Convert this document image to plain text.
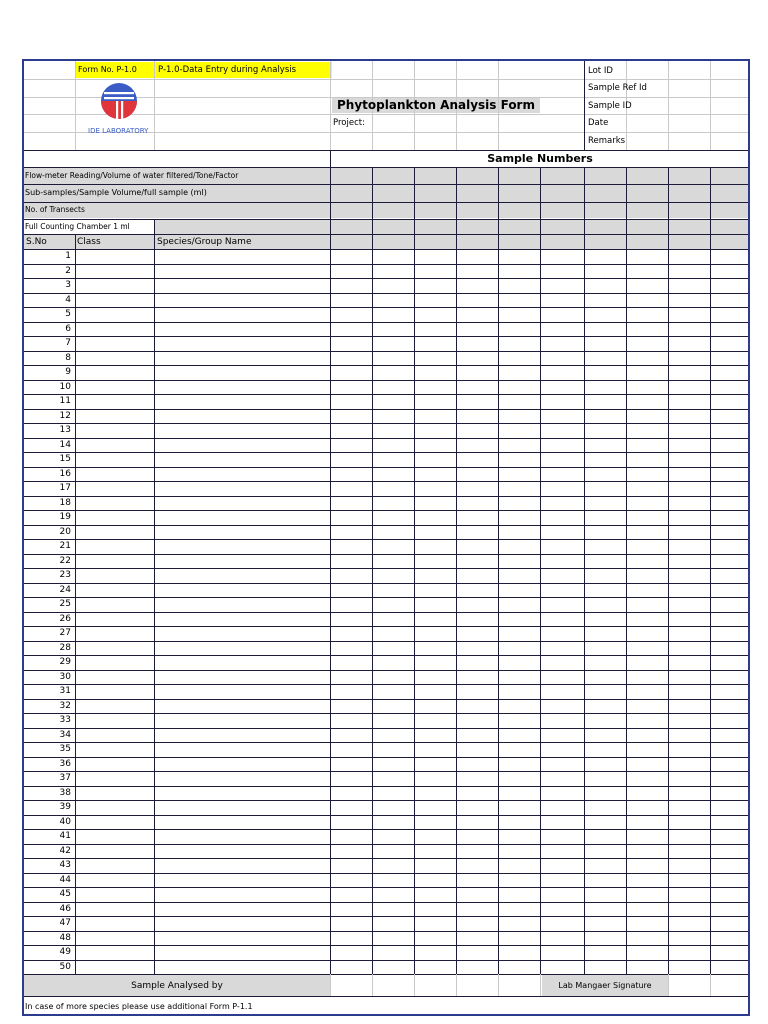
IDE LABORATORY
Form No. P-1.0	P-1.0-Data Entry during Analysis
Phytoplankton Analysis Form
Project:
Lot ID
Sample Ref Id
Sample ID
Date
Remarks
Sample Numbers
Flow-meter Reading/Volume of water filtered/Tone/Factor
Sub-samples/Sample Volume/full sample (ml)
No. of Transects
Full Counting Chamber 1 ml
S.No	Class	Species/Group Name
1
2
3
4
5
6
7
8
9
10
11
12
13
14
15
16
17
18
19
20
21
22
23
24
25
26
27
28
29
30
31
32
33
34
35
36
37
38
39
40
41
42
43
44
45
46
47
48
49
50
Sample Analysed by	Lab Mangaer Signature
In case of more species please use additional Form P-1.1
